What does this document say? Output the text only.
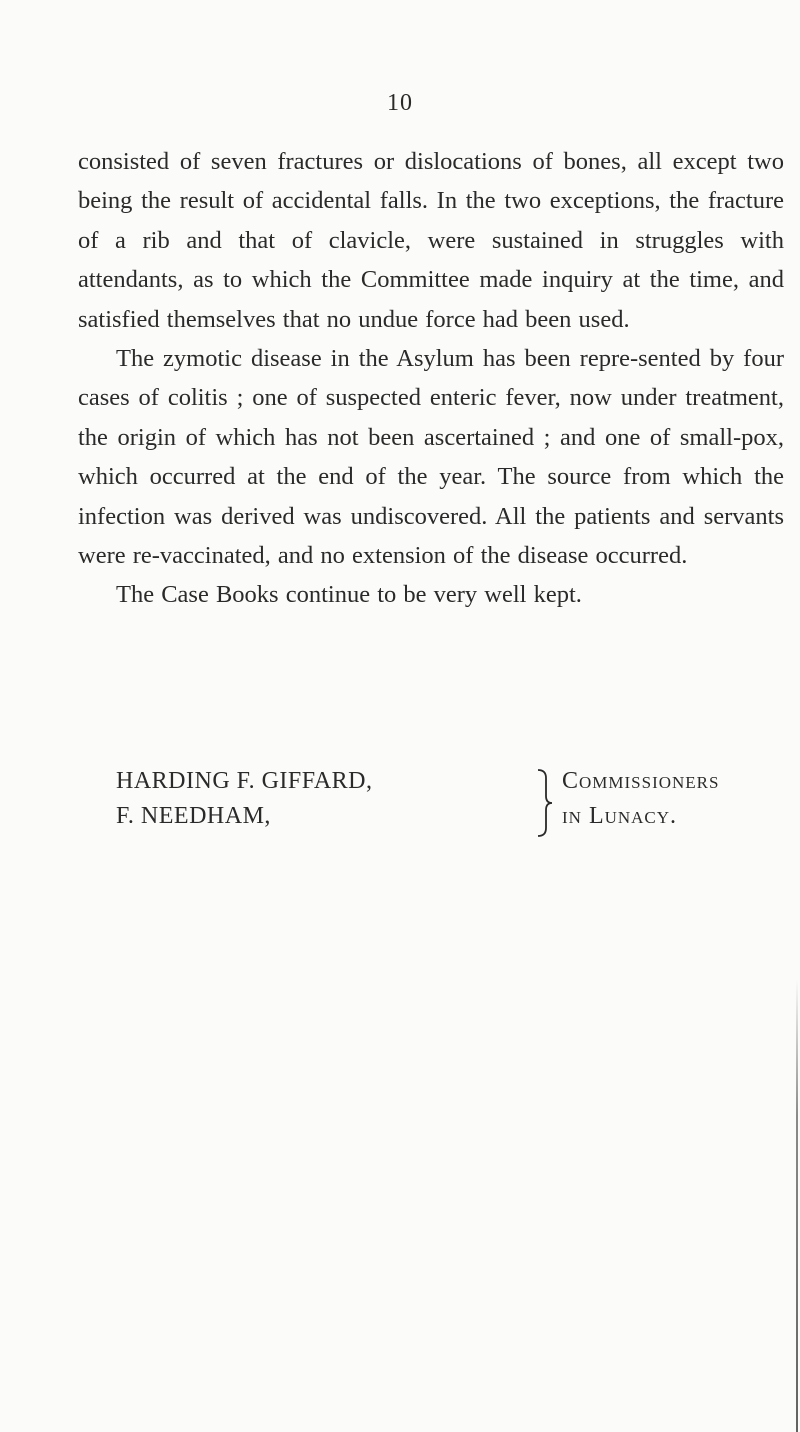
10

consisted of seven fractures or dislocations of bones, all except two being the result of accidental falls. In the two exceptions, the fracture of a rib and that of clavicle, were sustained in struggles with attendants, as to which the Committee made inquiry at the time, and satisfied themselves that no undue force had been used.

The zymotic disease in the Asylum has been repre-sented by four cases of colitis ; one of suspected enteric fever, now under treatment, the origin of which has not been ascertained ; and one of small-pox, which occurred at the end of the year. The source from which the infection was derived was undiscovered. All the patients and servants were re-vaccinated, and no extension of the disease occurred.

The Case Books continue to be very well kept.

HARDING F. GIFFARD,
F. NEEDHAM,
Commissioners
in Lunacy.
